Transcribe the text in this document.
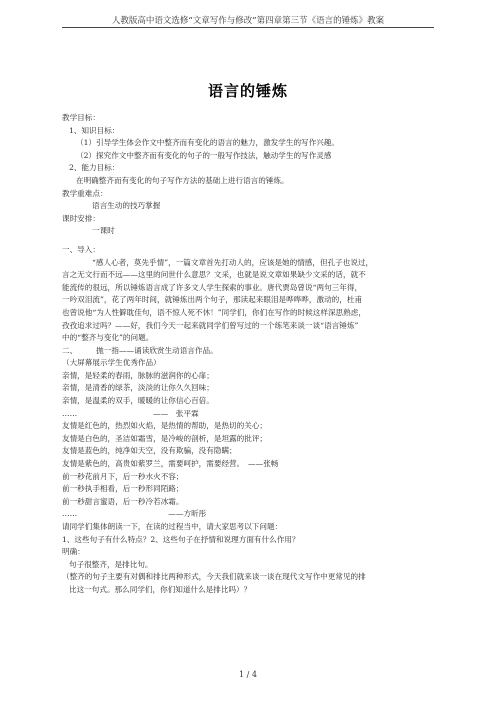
人教版高中语文选修“文章写作与修改”第四章第三节《语言的锤炼》教案
语言的锤炼
教学目标：
1、知识目标：
（1）引导学生体会作文中整齐而有变化的语言的魅力，激发学生的写作兴趣。
（2）探究作文中整齐而有变化的句子的一般写作技法，触动学生的写作灵感
2、能力目标：
在明确整齐而有变化的句子写作方法的基础上进行语言的锤炼。
教学重难点：
语言生动的技巧掌握
课时安排：
一课时
一、导入：
“感人心者，莫先乎情”，一篇文章首先打动人的，应该是她的情感，但孔子也说过，
言之无文行而不远——这里的问世什么意思？文采，也就是说文章如果缺少文采的话，就不
能流传的很远，所以锤炼语言成了许多文人学生探索的事业。唐代贾岛曾说“两句三年得，
一吟双泪流”，花了两年时间，就锤炼出两个句子，那读起来眼泪是哗哗哗，激动的，杜甫
也曾说他“为人性僻耽佳句，语不惊人死不休！”同学们，你们在写作的时候这样深思熟虑，
孜孜追求过吗？——好，我们今天一起来就同学们曾写过的一个练笔来谈一谈“语言锤炼”
中的“整齐与变化”的问题。
二、　　　抛一指——诵读欣赏生动语言作品。
（大屏幕展示学生优秀作品）
亲情，是轻柔的春雨，脉脉的滋润你的心扉；
亲情，是清香的绿茶，淡淡的让你久久回味；
亲情，是温柔的双手，暖暖的让你信心百倍。
……　　　　　　　　　　——　张平霖
友情是红色的，热烈如火焰，是热情的帮助，是热切的关心；
友情是白色的，圣洁如霜雪，是冷峻的剖析，是坦露的批评；
友情是蓝色的，纯净如天空，没有欺骗，没有隐瞒；
友情是紫色的，高贵如紫罗兰，需要呵护，需要经营。　——张畅
前一秒花前月下，后一秒水火不容；
前一秒执手相看，后一秒形同陌路；
前一秒甜言蜜语，后一秒冷若冰霜。
……　　　　　　　　　　　　——方昕彤
请同学们集体朗读一下，在读的过程当中，请大家思考以下问题：
1、这些句子有什么特点？2、这些句子在抒情和说理方面有什么作用？
明确：
句子很整齐，是排比句。
（整齐的句子主要有对偶和排比两种形式，今天我们就来谈一谈在现代文写作中更常见的排
比这一句式。那么同学们，你们知道什么是排比吗）？
1 / 4
